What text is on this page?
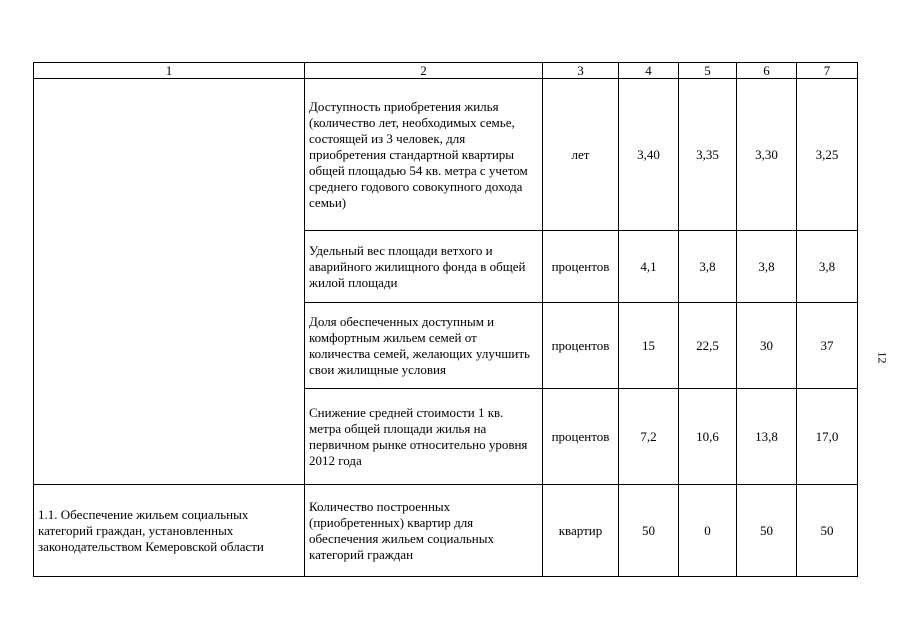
1	2	3	4	5	6	7
	Доступность приобретения жилья (количество лет, необходимых семье, состоящей из 3 человек, для приобретения стандартной квартиры общей площадью 54 кв. метра с учетом среднего годового совокупного дохода семьи)	лет	3,40	3,35	3,30	3,25
	Удельный вес площади ветхого и аварийного жилищного фонда в общей жилой площади	процентов	4,1	3,8	3,8	3,8
	Доля обеспеченных доступным и комфортным жильем семей от количества семей, желающих улучшить свои жилищные условия	процентов	15	22,5	30	37
	Снижение средней стоимости 1 кв. метра общей площади жилья на первичном рынке относительно уровня 2012 года	процентов	7,2	10,6	13,8	17,0
1.1. Обеспечение жильем социальных категорий граждан, установленных законодательством Кемеровской области	Количество построенных (приобретенных) квартир для обеспечения жильем социальных категорий граждан	квартир	50	0	50	50
12
